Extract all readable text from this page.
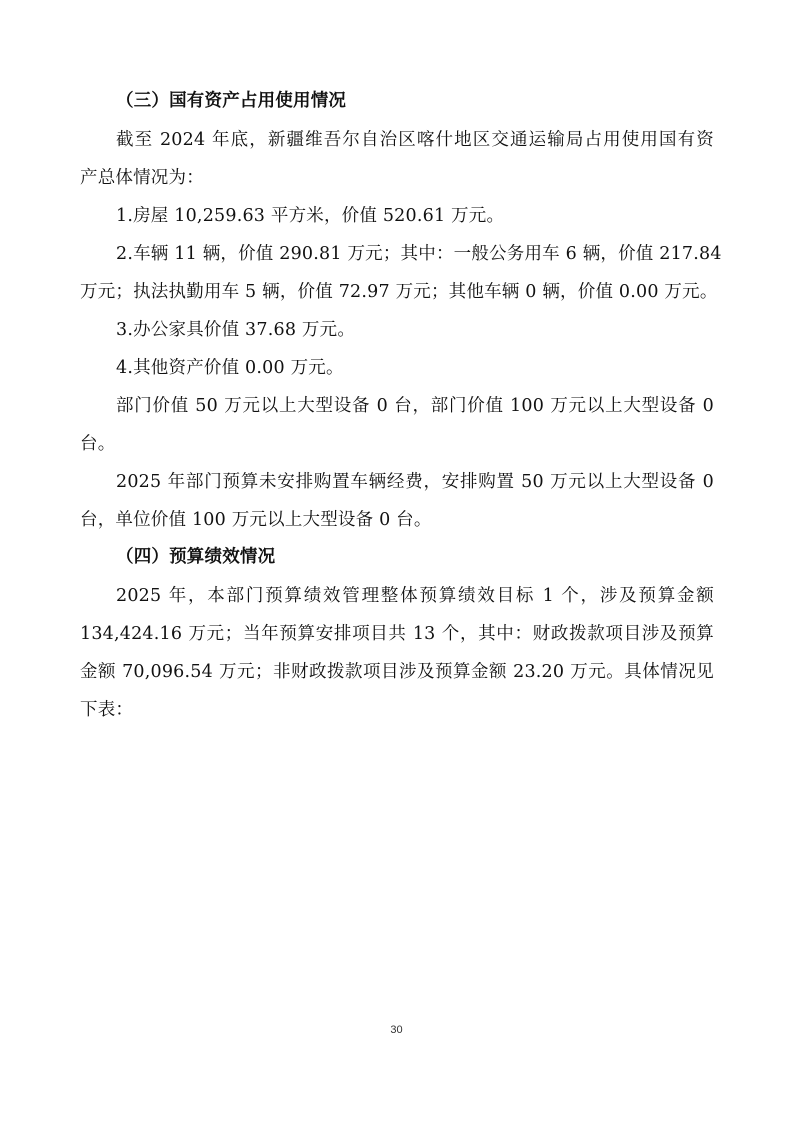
（三）国有资产占用使用情况
截至 2024 年底，新疆维吾尔自治区喀什地区交通运输局占用使用国有资
产总体情况为：
1.房屋 10,259.63 平方米，价值 520.61 万元。
2.车辆 11 辆，价值 290.81 万元；其中：一般公务用车 6 辆，价值 217.84
万元；执法执勤用车 5 辆，价值 72.97 万元；其他车辆 0 辆，价值 0.00 万元。
3.办公家具价值 37.68 万元。
4.其他资产价值 0.00 万元。
部门价值 50 万元以上大型设备 0 台，部门价值 100 万元以上大型设备 0
台。
2025 年部门预算未安排购置车辆经费，安排购置 50 万元以上大型设备 0
台，单位价值 100 万元以上大型设备 0 台。
（四）预算绩效情况
2025 年，本部门预算绩效管理整体预算绩效目标 1 个，涉及预算金额
134,424.16 万元；当年预算安排项目共 13 个，其中：财政拨款项目涉及预算
金额 70,096.54 万元；非财政拨款项目涉及预算金额 23.20 万元。具体情况见
下表：
30
